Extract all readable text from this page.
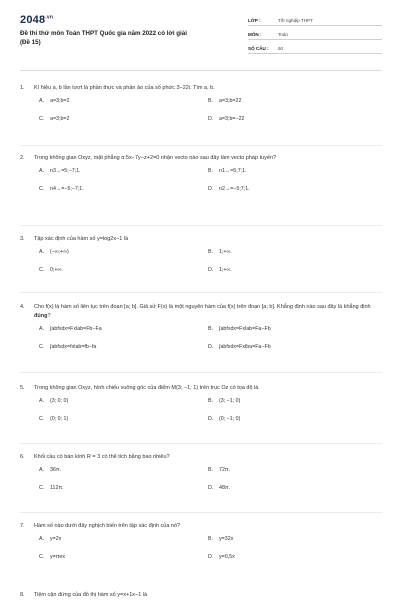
$2048^{.vn}$
Đề thi thử môn Toán THPT Quốc gia năm 2022 có lời giải
(Đề 15)
LỚP :	Tốt nghiệp THPT
MÔN :	Toán
SỐ CÂU :	50
1.	Kí hiệu a, b lần lượt là phần thực và phần ảo của số phức 3−22i. Tìm a, b.
A.	a=3;b=2	B.	a=3;b=22
C.	a=3;b=2	D.	a=3;b=−22
2.	Trong không gian Oxyz, mặt phẳng α:5x−7y−z+2=0 nhận vecto nào sau đây làm vecto pháp tuyến?
A.	n3→=5;−7;1.	B.	n1→=5;7;1.
C.	n4→=−5;−7;1.	D.	n2→=−5;7;1.
3.	Tập xác định của hàm số y=log2x−1 là
A.	(−∞;+∞)	B.	1;+∞.
C.	0;+∞.	D.	1;+∞.
4.	Cho f(x) là hàm số liên tục trên đoạn [a; b]. Giả sử F(x) là một nguyên hàm của f(x) trên đoạn [a; b]. Khẳng định nào sau đây là khẳng định đúng?
A.	∫abfxdx=Fxlab=Fb−Fa	B.	∫abfxdx=Fxlab=Fa−Fb
C.	∫abfxdx=fxlab=fb−fa	D.	∫abfxdx=Fxlba=Fa−Fb
5.	Trong không gian Oxyz, hình chiếu vuông góc của điểm M(3; −1; 1) trên trục Oz có tọa độ là
A.	(3; 0; 0)	B.	(3; −1; 0)
C.	(0; 0; 1)	D.	(0; −1; 0)
6.	Khối cầu có bán kính R = 3 có thể tích bằng bao nhiêu?
A.	36π.	B.	72π.
C.	112π.	D.	48π.
7.	Hàm số nào dưới đây nghịch biến trên tập xác định của nó?
A.	y=2x	B.	y=32x
C.	y=πex	D.	y=0,5x
8.	Tiệm cận đứng của đồ thị hàm số y=x+1x−1 là
